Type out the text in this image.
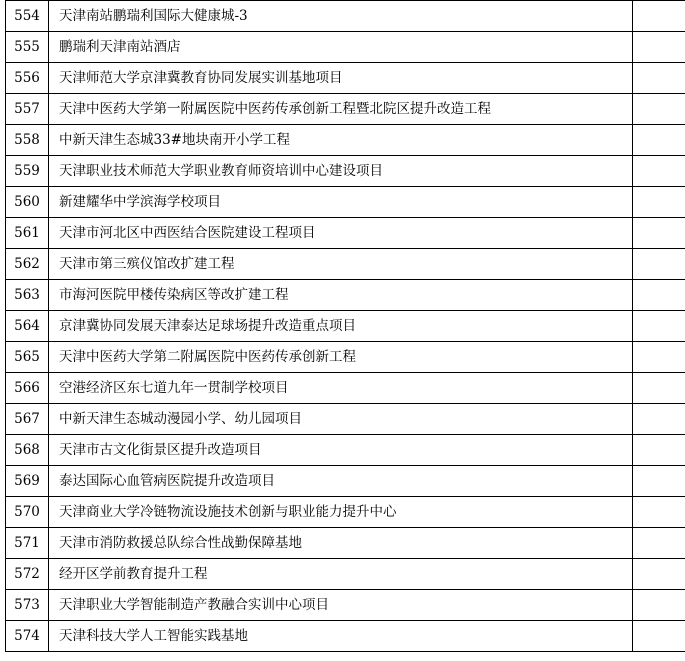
554	天津南站鹏瑞利国际大健康城-3	
555	鹏瑞利天津南站酒店	
556	天津师范大学京津冀教育协同发展实训基地项目	
557	天津中医药大学第一附属医院中医药传承创新工程暨北院区提升改造工程	
558	中新天津生态城33#地块南开小学工程	
559	天津职业技术师范大学职业教育师资培训中心建设项目	
560	新建耀华中学滨海学校项目	
561	天津市河北区中西医结合医院建设工程项目	
562	天津市第三殡仪馆改扩建工程	
563	市海河医院甲楼传染病区等改扩建工程	
564	京津冀协同发展天津泰达足球场提升改造重点项目	
565	天津中医药大学第二附属医院中医药传承创新工程	
566	空港经济区东七道九年一贯制学校项目	
567	中新天津生态城动漫园小学、幼儿园项目	
568	天津市古文化街景区提升改造项目	
569	泰达国际心血管病医院提升改造项目	
570	天津商业大学冷链物流设施技术创新与职业能力提升中心	
571	天津市消防救援总队综合性战勤保障基地	
572	经开区学前教育提升工程	
573	天津职业大学智能制造产教融合实训中心项目	
574	天津科技大学人工智能实践基地	
